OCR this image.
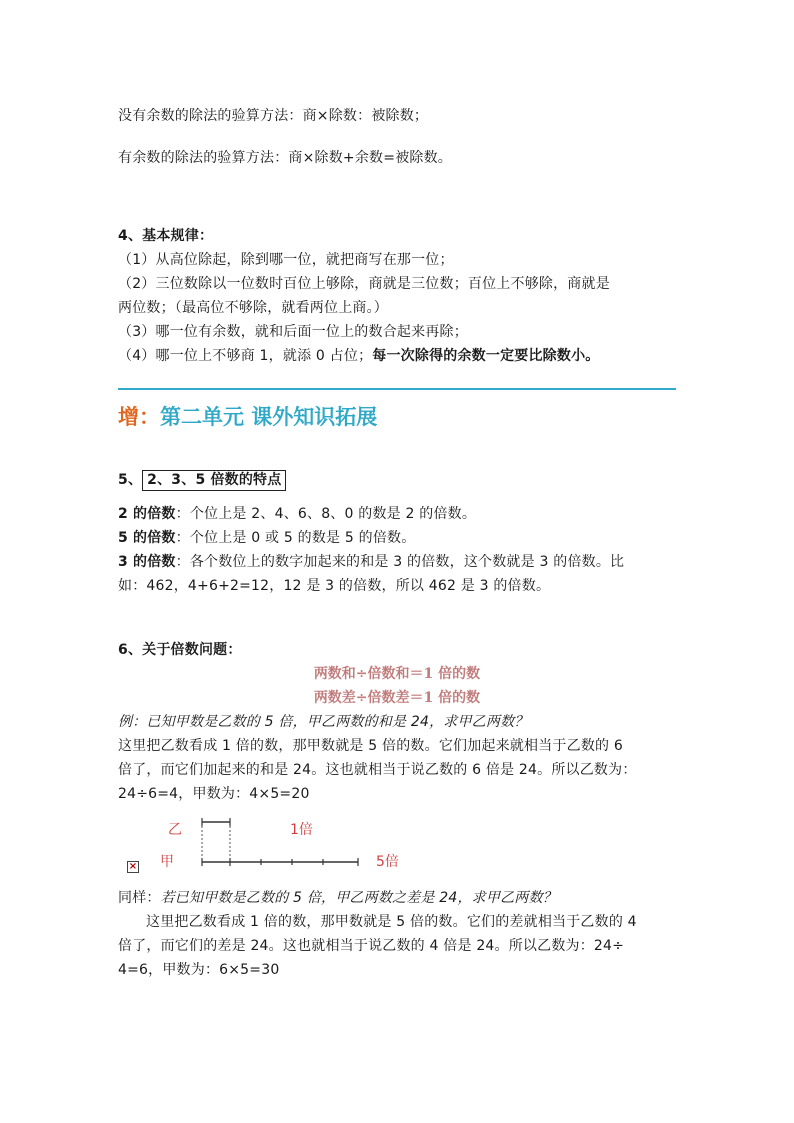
没有余数的除法的验算方法：商×除数：被除数；
有余数的除法的验算方法：商×除数+余数=被除数。
4、基本规律：
（1）从高位除起，除到哪一位，就把商写在那一位；
（2）三位数除以一位数时百位上够除，商就是三位数；百位上不够除，商就是
两位数；（最高位不够除，就看两位上商。）
（3）哪一位有余数，就和后面一位上的数合起来再除；
（4）哪一位上不够商 1，就添 0 占位；每一次除得的余数一定要比除数小。
增：第二单元 课外知识拓展
5、 2、3、5 倍数的特点
2 的倍数：个位上是 2、4、6、8、0 的数是 2 的倍数。
5 的倍数：个位上是 0 或 5 的数是 5 的倍数。
3 的倍数：各个数位上的数字加起来的和是 3 的倍数，这个数就是 3 的倍数。比
如：462，4+6+2=12，12 是 3 的倍数，所以 462 是 3 的倍数。
6、关于倍数问题：
两数和÷倍数和＝1 倍的数
两数差÷倍数差＝1 倍的数
例：已知甲数是乙数的 5 倍，甲乙两数的和是 24，求甲乙两数？
这里把乙数看成 1 倍的数，那甲数就是 5 倍的数。它们加起来就相当于乙数的 6
倍了，而它们加起来的和是 24。这也就相当于说乙数的 6 倍是 24。所以乙数为：
24÷6=4，甲数为：4×5=20
×
乙
甲
1倍
5倍
同样：若已知甲数是乙数的 5 倍，甲乙两数之差是 24，求甲乙两数？
这里把乙数看成 1 倍的数，那甲数就是 5 倍的数。它们的差就相当于乙数的 4
倍了，而它们的差是 24。这也就相当于说乙数的 4 倍是 24。所以乙数为：24÷
4=6，甲数为：6×5=30
